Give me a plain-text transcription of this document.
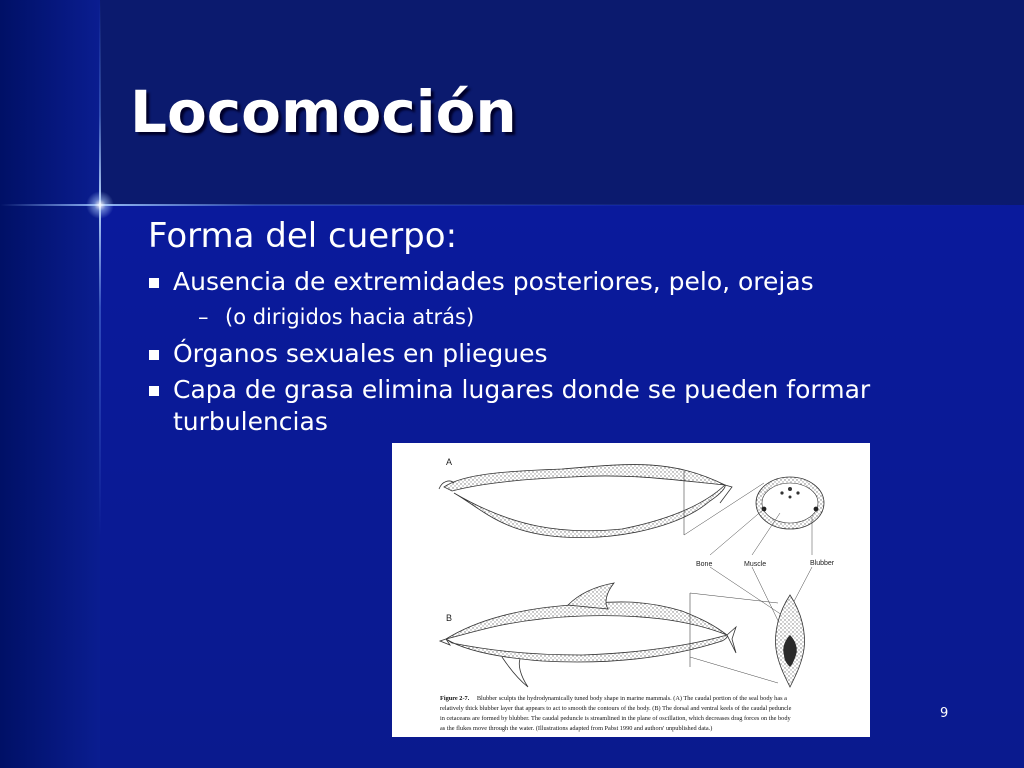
Locomoción

Forma del cuerpo:

Ausencia de extremidades posteriores, pelo, orejas
– (o dirigidos hacia atrás)
Órganos sexuales en pliegues
Capa de grasa elimina lugares donde se pueden formar turbulencias
A
B
Bone	Muscle	Blubber
Figure 2-7. Blubber sculpts the hydrodynamically tuned body shape in marine mammals. (A) The caudal portion of the seal body has a
relatively thick blubber layer that appears to act to smooth the contours of the body. (B) The dorsal and ventral keels of the caudal peduncle
in cetaceans are formed by blubber. The caudal peduncle is streamlined in the plane of oscillation, which decreases drag forces on the body
as the flukes move through the water. (Illustrations adapted from Pabst 1990 and authors' unpublished data.)
9
